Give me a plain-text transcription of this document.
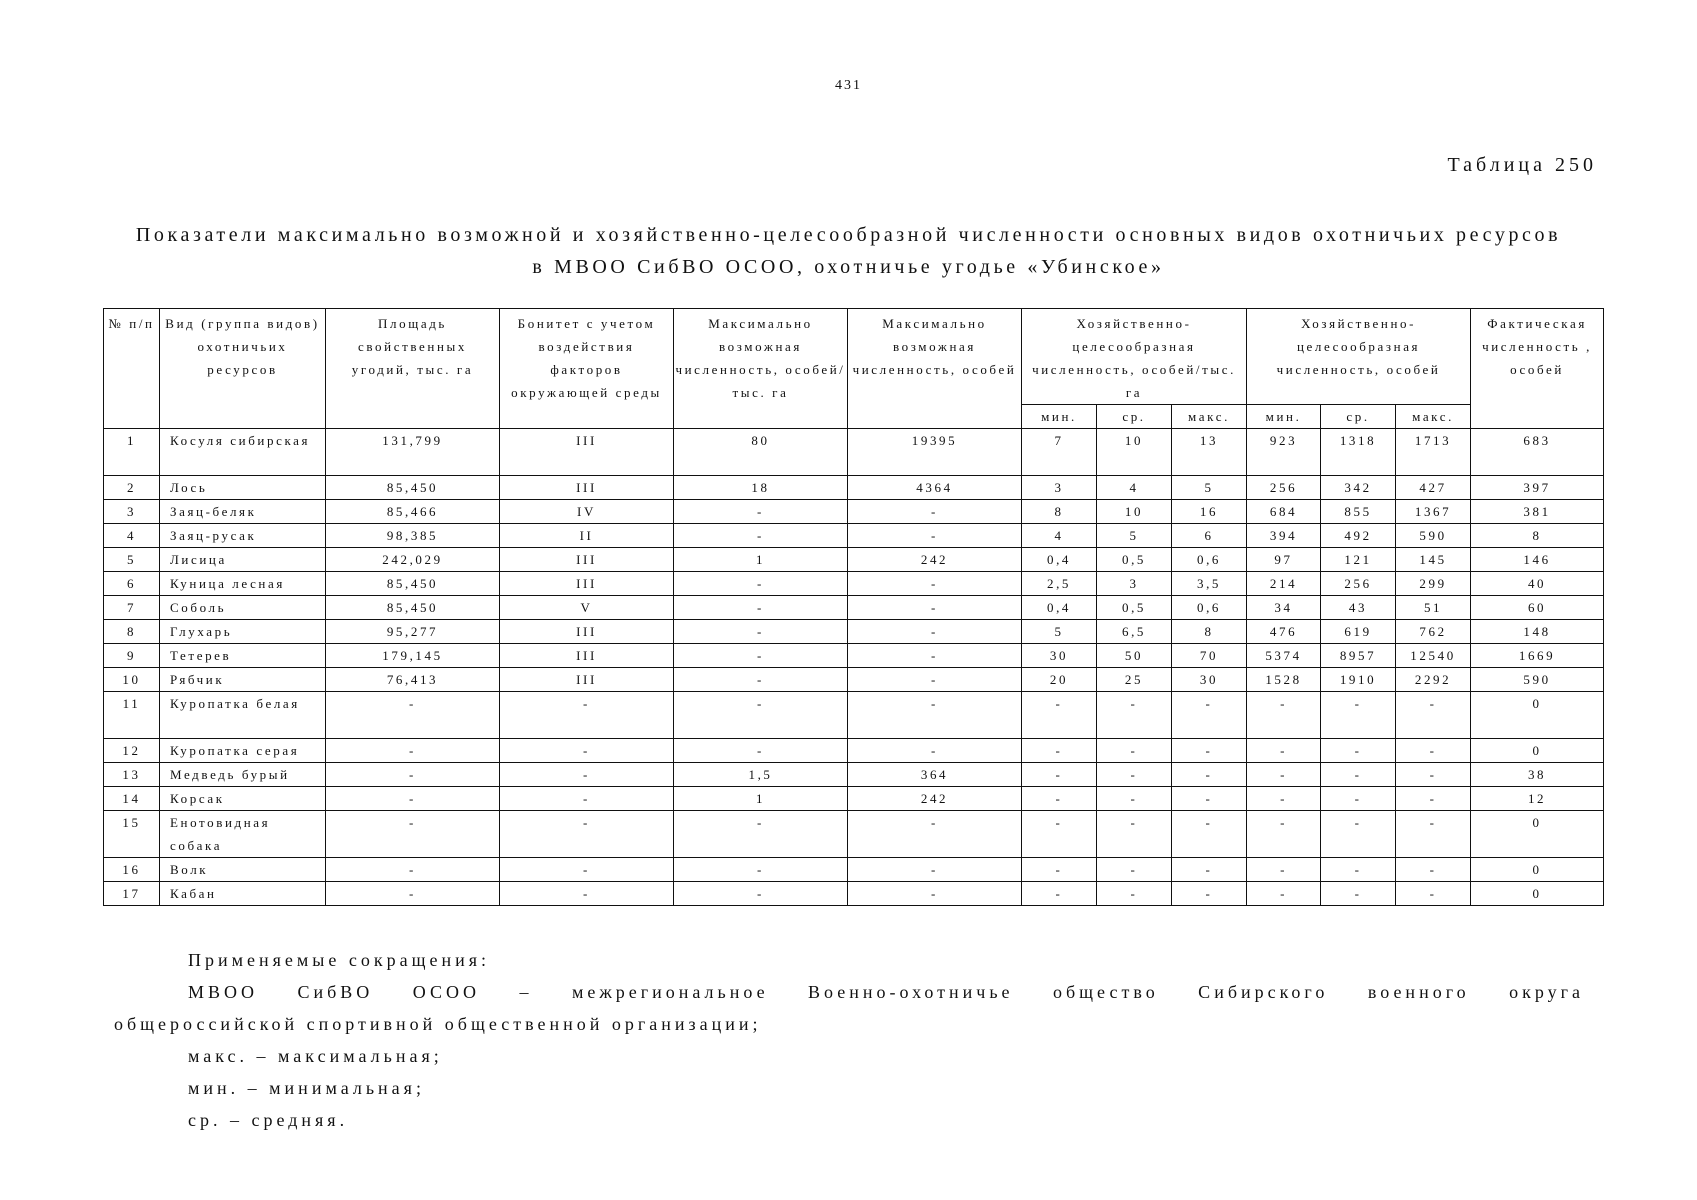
431
Таблица 250
Показатели максимально возможной и хозяйственно-целесообразной численности основных видов охотничьих ресурсов
в МВОО СибВО ОСОО, охотничье угодье «Убинское»
№ п/п	Вид (группа видов) охотничьих ресурсов	Площадь свойственных угодий, тыс. га	Бонитет с учетом воздействия факторов окружающей среды	Максимально возможная численность, особей/тыс. га	Максимально возможная численность, особей	Хозяйственно-целесообразная численность, особей/тыс. га			Хозяйственно-целесообразная численность, особей			Фактическая численность , особей
						мин.	ср.	макс.	мин.	ср.	макс.	
1	Косуля сибирская	131,799	III	80	19395	7	10	13	923	1318	1713	683
2	Лось	85,450	III	18	4364	3	4	5	256	342	427	397
3	Заяц-беляк	85,466	IV	-	-	8	10	16	684	855	1367	381
4	Заяц-русак	98,385	II	-	-	4	5	6	394	492	590	8
5	Лисица	242,029	III	1	242	0,4	0,5	0,6	97	121	145	146
6	Куница лесная	85,450	III	-	-	2,5	3	3,5	214	256	299	40
7	Соболь	85,450	V	-	-	0,4	0,5	0,6	34	43	51	60
8	Глухарь	95,277	III	-	-	5	6,5	8	476	619	762	148
9	Тетерев	179,145	III	-	-	30	50	70	5374	8957	12540	1669
10	Рябчик	76,413	III	-	-	20	25	30	1528	1910	2292	590
11	Куропатка белая	-	-	-	-	-	-	-	-	-	-	0
12	Куропатка серая	-	-	-	-	-	-	-	-	-	-	0
13	Медведь бурый	-	-	1,5	364	-	-	-	-	-	-	38
14	Корсак	-	-	1	242	-	-	-	-	-	-	12
15	Енотовидная собака	-	-	-	-	-	-	-	-	-	-	0
16	Волк	-	-	-	-	-	-	-	-	-	-	0
17	Кабан	-	-	-	-	-	-	-	-	-	-	0
Применяемые сокращения:
МВОО СибВО ОСОО – межрегиональное Военно-охотничье общество Сибирского военного округа
общероссийской спортивной общественной организации;
макс. – максимальная;
мин. – минимальная;
ср. – средняя.
